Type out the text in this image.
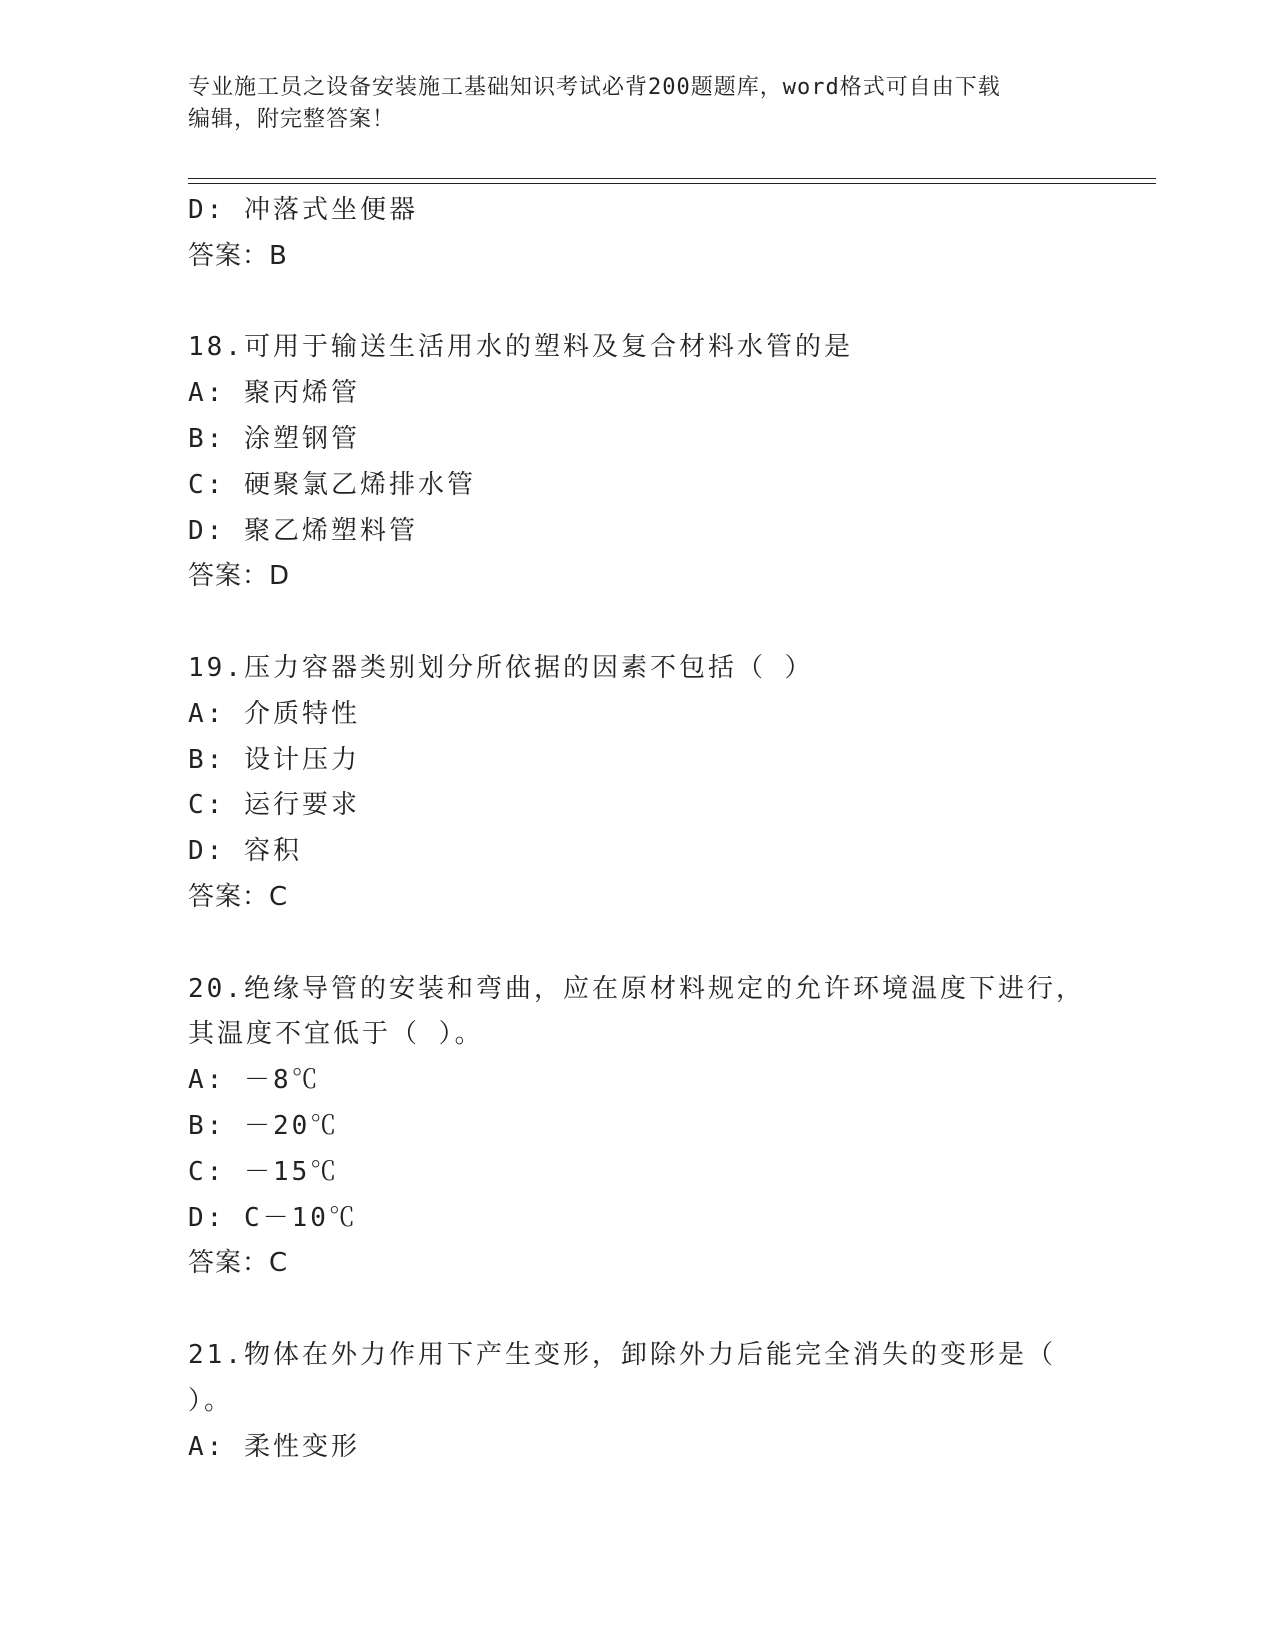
专业施工员之设备安装施工基础知识考试必背200题题库，word格式可自由下载
编辑，附完整答案！
D: 冲落式坐便器
答案：B
18.可用于输送生活用水的塑料及复合材料水管的是
A: 聚丙烯管
B: 涂塑钢管
C: 硬聚氯乙烯排水管
D: 聚乙烯塑料管
答案：D
19.压力容器类别划分所依据的因素不包括（ ）
A: 介质特性
B: 设计压力
C: 运行要求
D: 容积
答案：C
20.绝缘导管的安装和弯曲，应在原材料规定的允许环境温度下进行，
其温度不宜低于（ ）。
A: －8℃
B: －20℃
C: －15℃
D: C－10℃
答案：C
21.物体在外力作用下产生变形，卸除外力后能完全消失的变形是（
）。
A: 柔性变形
